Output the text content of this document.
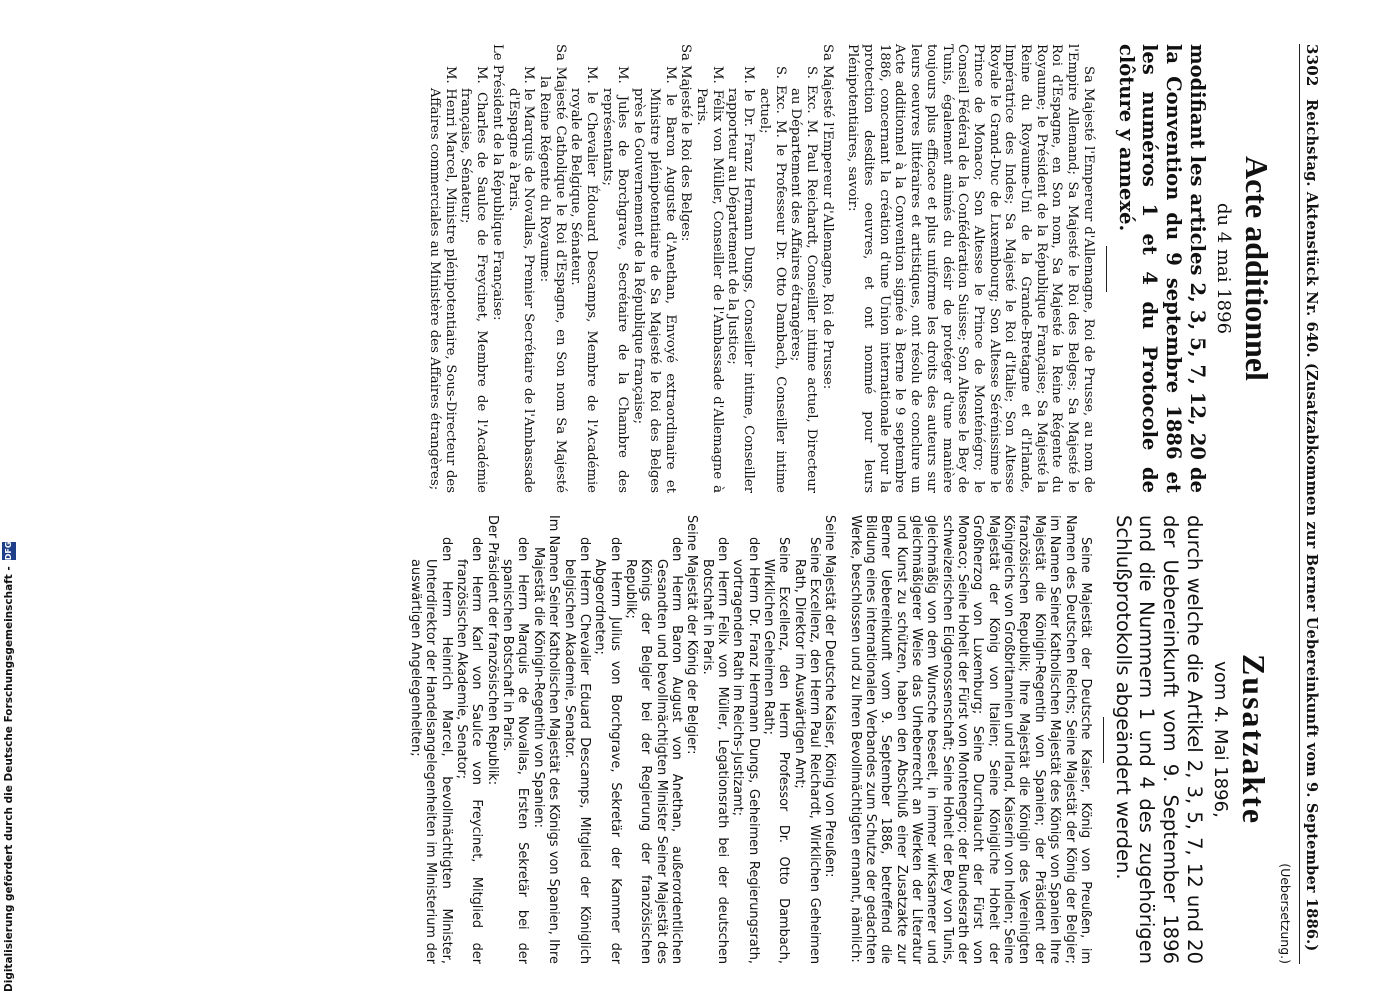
3302
Reichstag. Aktenstück Nr. 640. (Zusatzabkommen zur Berner Uebereinkunft vom 9. September 1886.)
Acte additionnel
du 4 mai 1896

modifiant les articles 2, 3, 5, 7, 12, 20 de la Convention du 9 septembre 1886 et les numéros 1 et 4 du Protocole de clôture y annexé.

Sa Majesté l'Empereur d'Allemagne, Roi de Prusse, au nom de l'Empire Allemand; Sa Majesté le Roi des Belges; Sa Majesté le Roi d'Espagne, en Son nom, Sa Majesté la Reine Régente du Royaume; le Président de la République Française; Sa Majesté la Reine du Royaume-Uni de la Grande-Bretagne et d'Irlande, Impératrice des Indes; Sa Majesté le Roi d'Italie; Son Altesse Royale le Grand-Duc de Luxembourg; Son Altesse Sérénissime le Prince de Monaco; Son Altesse le Prince de Monténégro; le Conseil Fédéral de la Confédération Suisse; Son Altesse le Bey de Tunis, également animés du désir de protéger d'une manière toujours plus efficace et plus uniforme les droits des auteurs sur leurs oeuvres littéraires et artistiques, ont résolu de conclure un Acte additionnel à la Convention signée à Berne le 9 septembre 1886, concernant la création d'une Union internationale pour la protection desdites oeuvres, et ont nommé pour leurs Plénipotentiaires, savoir:

Sa Majesté l'Empereur d'Allemagne, Roi de Prusse:

S. Exc. M. Paul Reichardt, Conseiller intime actuel, Directeur au Département des Affaires étrangères;

S. Exc. M. le Professeur Dr. Otto Dambach, Conseiller intime actuel;

M. le Dr. Franz Hermann Dungs, Conseiller intime, Conseiller rapporteur au Département de la Justice;

M. Félix von Müller, Conseiller de l'Ambassade d'Allemagne à Paris.

Sa Majesté le Roi des Belges:

M. le Baron Auguste d'Anethan, Envoyé extraordinaire et Ministre plénipotentiaire de Sa Majesté le Roi des Belges près le Gouvernement de la République française;

M. Jules de Borchgrave, Secrétaire de la Chambre des représentants;

M. le Chevalier Édouard Descamps, Membre de l'Académie royale de Belgique, Sénateur.

Sa Majesté Catholique le Roi d'Espagne, en Son nom Sa Majesté la Reine Régente du Royaume:

M. le Marquis de Novallas, Premier Secrétaire de l'Ambassade d'Espagne à Paris.

Le Président de la République Française:

M. Charles de Saulce de Freycinet, Membre de l'Académie française, Sénateur;

M. Henri Marcel, Ministre plénipotentiaire, Sous-Directeur des Affaires commerciales au Ministère des Affaires étrangères;

(Uebersetzung.)
Zusatzakte
vom 4. Mai 1896,

durch welche die Artikel 2, 3, 5, 7, 12 und 20 der Uebereinkunft vom 9. September 1896 und die Nummern 1 und 4 des zugehörigen Schlußprotokolls abgeändert werden.

Seine Majestät der Deutsche Kaiser, König von Preußen, im Namen des Deutschen Reichs; Seine Majestät der König der Belgier; im Namen Seiner Katholischen Majestät des Königs von Spanien Ihre Majestät die Königin-Regentin von Spanien; der Präsident der französischen Republik; Ihre Majestät die Königin des Vereinigten Königreichs von Großbritannien und Irland, Kaiserin von Indien; Seine Majestät der König von Italien; Seine Königliche Hoheit der Großherzog von Luxemburg; Seine Durchlaucht der Fürst von Monaco; Seine Hoheit der Fürst von Montenegro; der Bundesrath der schweizerischen Eidgenossenschaft; Seine Hoheit der Bey von Tunis, gleichmäßig von dem Wunsche beseelt, in immer wirksamerer und gleichmäßigerer Weise das Urheberrecht an Werken der Literatur und Kunst zu schützen, haben den Abschluß einer Zusatzakte zur Berner Uebereinkunft vom 9. September 1886, betreffend die Bildung eines internationalen Verbandes zum Schutze der gedachten Werke, beschlossen und zu Ihren Bevollmächtigten ernannt, nämlich:

Seine Majestät der Deutsche Kaiser, König von Preußen:

Seine Excellenz, den Herrn Paul Reichardt, Wirklichen Geheimen Rath, Direktor im Auswärtigen Amt;

Seine Excellenz, den Herrn Professor Dr. Otto Dambach, Wirklichen Geheimen Rath;

den Herrn Dr. Franz Hermann Dungs, Geheimen Regierungsrath, vortragenden Rath im Reichs-Justizamt;

den Herrn Felix von Müller, Legationsrath bei der deutschen Botschaft in Paris.

Seine Majestät der König der Belgier:

den Herrn Baron August von Anethan, außerordentlichen Gesandten und bevollmächtigten Minister Seiner Majestät des Königs der Belgier bei der Regierung der französischen Republik;

den Herrn Julius von Borchgrave, Sekretär der Kammer der Abgeordneten;

den Herrn Chevalier Eduard Descamps, Mitglied der Königlich belgischen Akademie, Senator.

Im Namen Seiner Katholischen Majestät des Königs von Spanien, Ihre Majestät die Königin-Regentin von Spanien:

den Herrn Marquis de Novallas, Ersten Sekretär bei der spanischen Botschaft in Paris.

Der Präsident der französischen Republik:

den Herrn Karl von Saulce von Freycinet, Mitglied der französischen Akademie, Senator;

den Herrn Heinrich Marcel, bevollmächtigten Minister, Unterdirektor der Handelsangelegenheiten im Ministerium der auswärtigen Angelegenheiten;

Digitalisierung gefördert durch die Deutsche Forschungsgemeinschaft -
DFG
